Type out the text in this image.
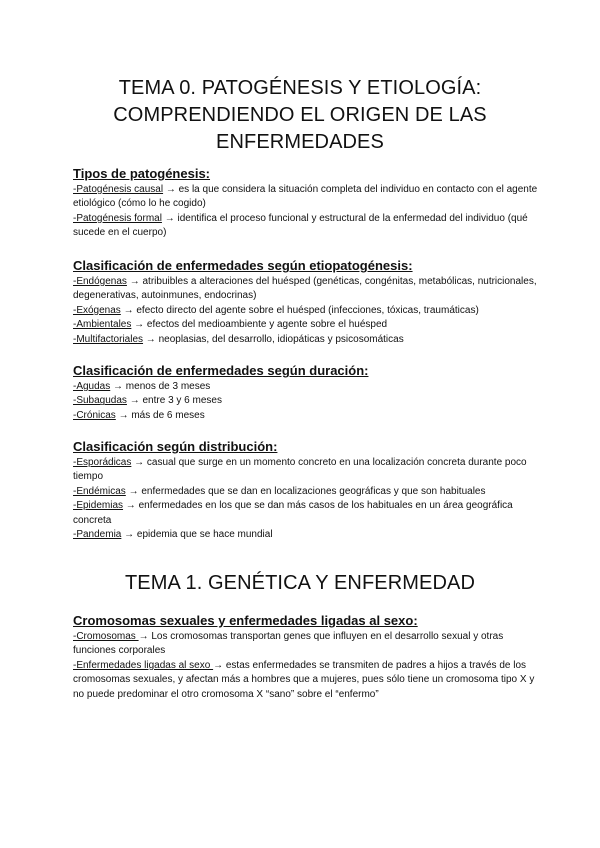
TEMA 0. PATOGÉNESIS Y ETIOLOGÍA:
COMPRENDIENDO EL ORIGEN DE LAS
ENFERMEDADES

Tipos de patogénesis:

-Patogénesis causal → es la que considera la situación completa del individuo en contacto con el agente etiológico (cómo lo he cogido)

-Patogénesis formal → identifica el proceso funcional y estructural de la enfermedad del individuo (qué sucede en el cuerpo)

Clasificación de enfermedades según etiopatogénesis:

-Endógenas → atribuibles a alteraciones del huésped (genéticas, congénitas, metabólicas, nutricionales, degenerativas, autoinmunes, endocrinas)

-Exógenas → efecto directo del agente sobre el huésped (infecciones, tóxicas, traumáticas)

-Ambientales → efectos del medioambiente y agente sobre el huésped

-Multifactoriales → neoplasias, del desarrollo, idiopáticas y psicosomáticas

Clasificación de enfermedades según duración:

-Agudas → menos de 3 meses

-Subagudas → entre 3 y 6 meses

-Crónicas → más de 6 meses

Clasificación según distribución:

-Esporádicas → casual que surge en un momento concreto en una localización concreta durante poco tiempo

-Endémicas → enfermedades que se dan en localizaciones geográficas y que son habituales

-Epidemias → enfermedades en los que se dan más casos de los habituales en un área geográfica concreta

-Pandemia → epidemia que se hace mundial

TEMA 1. GENÉTICA Y ENFERMEDAD

Cromosomas sexuales y enfermedades ligadas al sexo:

-Cromosomas → Los cromosomas transportan genes que influyen en el desarrollo sexual y otras funciones corporales

-Enfermedades ligadas al sexo → estas enfermedades se transmiten de padres a hijos a través de los cromosomas sexuales, y afectan más a hombres que a mujeres, pues sólo tiene un cromosoma tipo X y no puede predominar el otro cromosoma X “sano” sobre el “enfermo”
